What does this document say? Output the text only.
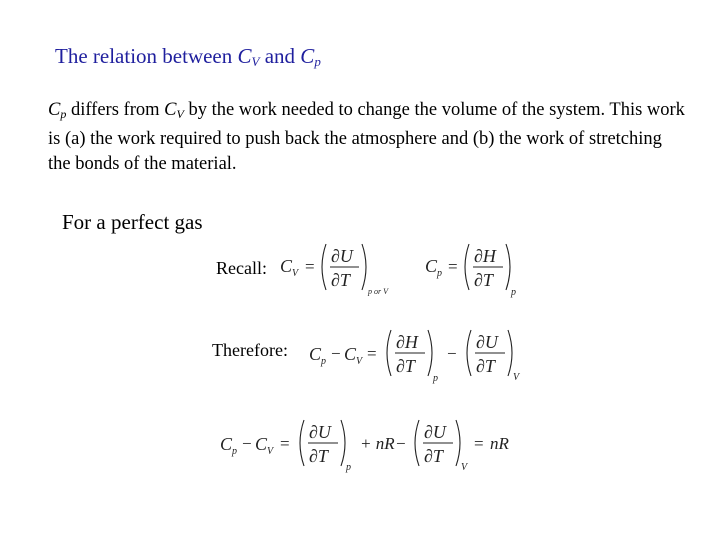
The relation between $C_V$ and $C_p$
$C_p$ differs from $C_V$ by the work needed to change the volume of the system. This work is (a) the work required to push back the atmosphere and (b) the work of stretching the bonds of the material.
For a perfect gas
Recall: C V =
∂U
∂T
p or V
C p =
∂H
∂T
p
Therefore: C p − C V =
∂H
∂T
p
−
∂U
∂T
V
C p − C V =
∂U
∂T
p
+ nR −
∂U
∂T
V
= nR
